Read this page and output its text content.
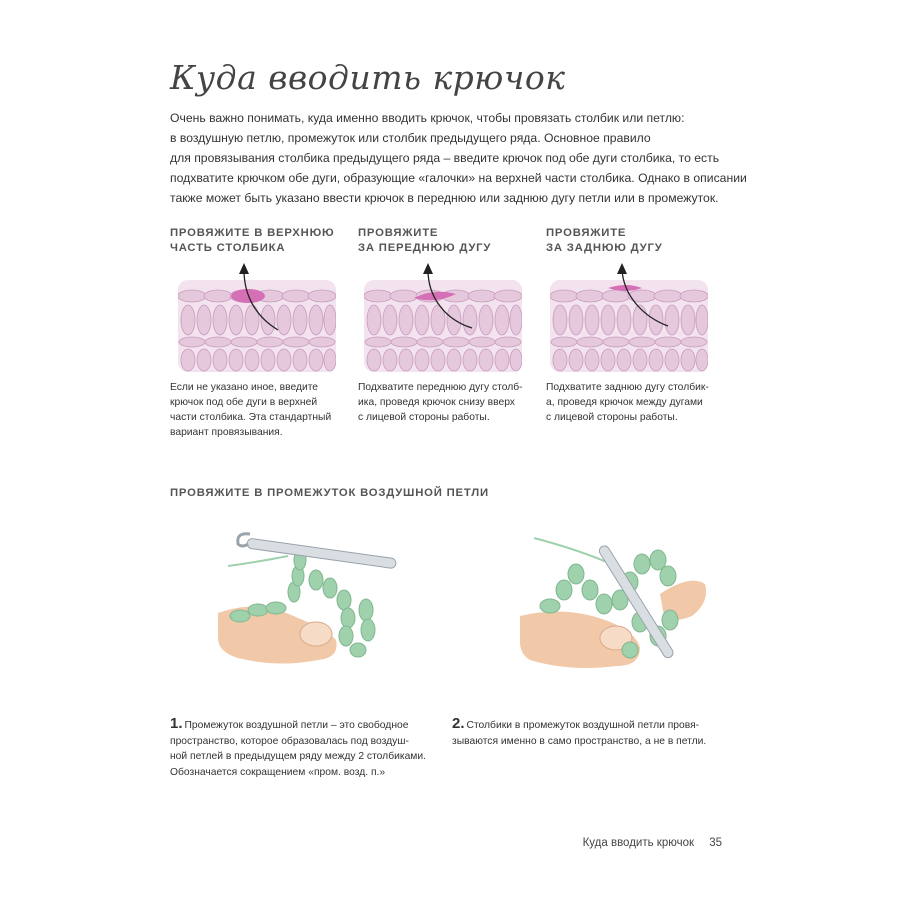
Куда вводить крючок
Очень важно понимать, куда именно вводить крючок, чтобы провязать столбик или петлю:
в воздушную петлю, промежуток или столбик предыдущего ряда. Основное правило
для провязывания столбика предыдущего ряда – введите крючок под обе дуги столбика, то есть
подхватите крючком обе дуги, образующие «галочки» на верхней части столбика. Однако в описании
также может быть указано ввести крючок в переднюю или заднюю дугу петли или в промежуток.
ПРОВЯЖИТЕ В ВЕРХНЮЮ
ЧАСТЬ СТОЛБИКА
ПРОВЯЖИТЕ
ЗА ПЕРЕДНЮЮ ДУГУ
ПРОВЯЖИТЕ
ЗА ЗАДНЮЮ ДУГУ
Если не указано иное, введите
крючок под обе дуги в верхней
части столбика. Эта стандартный
вариант провязывания.
Подхватите переднюю дугу столб-
ика, проведя крючок снизу вверх
с лицевой стороны работы.
Подхватите заднюю дугу столбик-
а, проведя крючок между дугами
с лицевой стороны работы.
ПРОВЯЖИТЕ В ПРОМЕЖУТОК ВОЗДУШНОЙ ПЕТЛИ
1. Промежуток воздушной петли – это свободное
пространство, которое образовалась под воздуш-
ной петлей в предыдущем ряду между 2 столбиками.
Обозначается сокращением «пром. возд. п.»
2. Столбики в промежуток воздушной петли провя-
зываются именно в само пространство, а не в петли.
Куда вводить крючок 35
